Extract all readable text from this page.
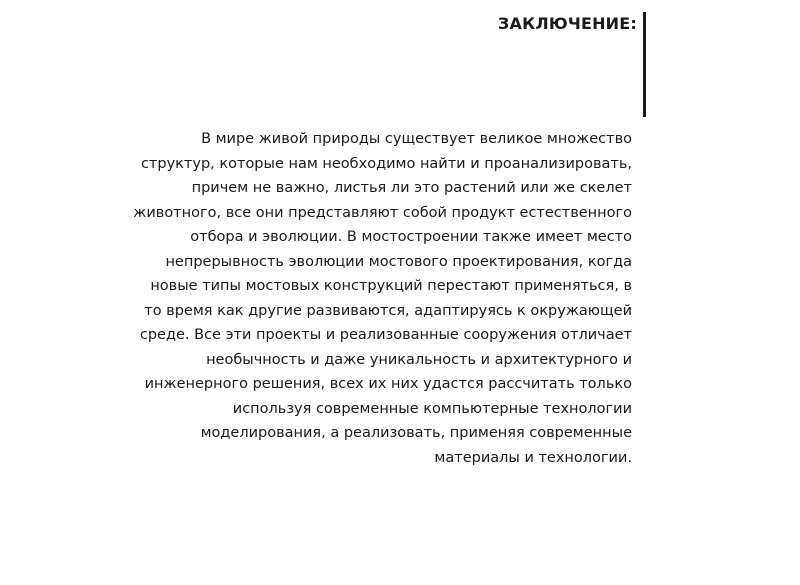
ЗАКЛЮЧЕНИЕ:
В мире живой природы существует великое множество
структур, которые нам необходимо найти и проанализировать,
причем не важно, листья ли это растений или же скелет
животного, все они представляют собой продукт естественного
отбора и эволюции. В мостостроении также имеет место
непрерывность эволюции мостового проектирования, когда
новые типы мостовых конструкций перестают применяться, в
то время как другие развиваются, адаптируясь к окружающей
среде. Все эти проекты и реализованные сооружения отличает
необычность и даже уникальность и архитектурного и
инженерного решения, всех их них удастся рассчитать только
используя современные компьютерные технологии
моделирования, а реализовать, применяя современные
материалы и технологии.
